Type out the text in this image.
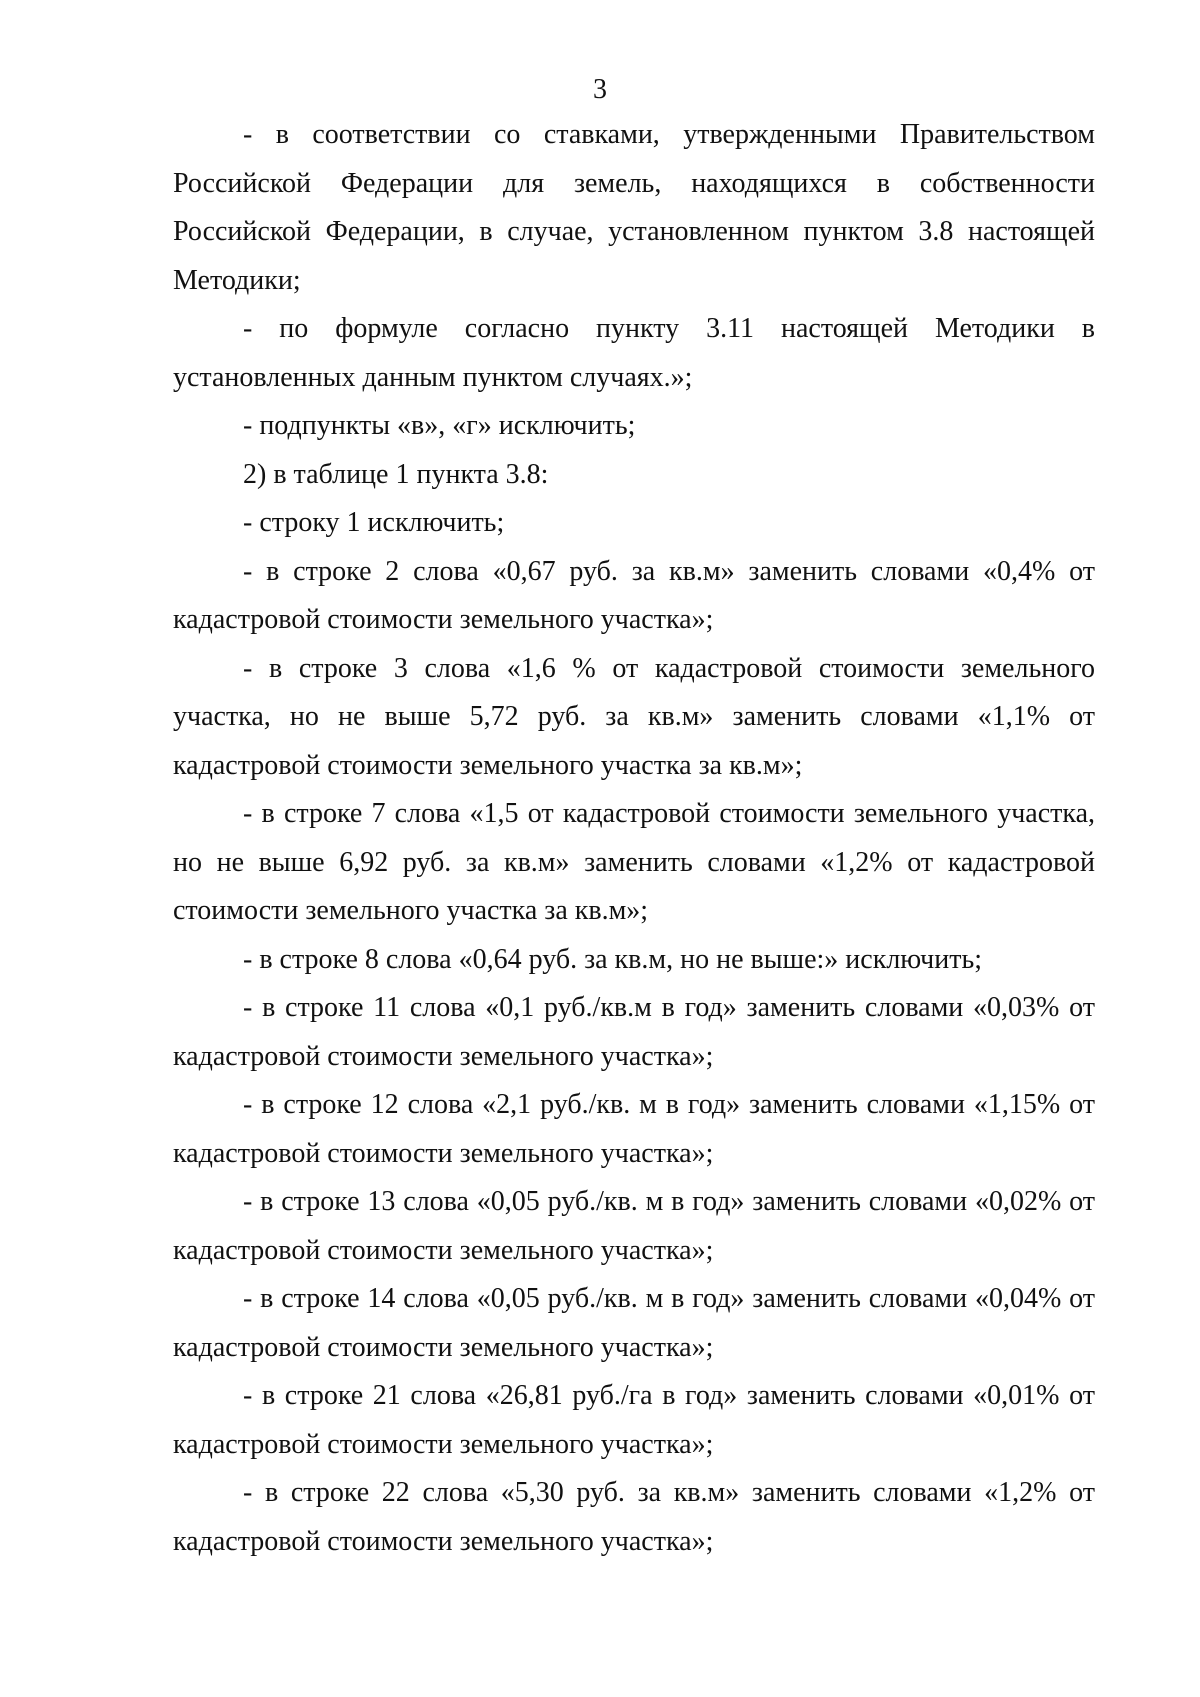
3

- в соответствии со ставками, утвержденными Правительством Российской Федерации для земель, находящихся в собственности Российской Федерации, в случае, установленном пунктом 3.8 настоящей Методики;

- по формуле согласно пункту 3.11 настоящей Методики в установленных данным пунктом случаях.»;

- подпункты «в», «г» исключить;

2) в таблице 1 пункта 3.8:

- строку 1 исключить;

- в строке 2 слова «0,67 руб. за кв.м» заменить словами «0,4% от кадастровой стоимости земельного участка»;

- в строке 3 слова «1,6 % от кадастровой стоимости земельного участка, но не выше 5,72 руб. за кв.м» заменить словами «1,1% от кадастровой стоимости земельного участка за кв.м»;

- в строке 7 слова «1,5 от кадастровой стоимости земельного участка, но не выше 6,92 руб. за кв.м» заменить словами «1,2% от кадастровой стоимости земельного участка за кв.м»;

- в строке 8 слова «0,64 руб. за кв.м, но не выше:» исключить;

- в строке 11 слова «0,1 руб./кв.м в год» заменить словами «0,03% от кадастровой стоимости земельного участка»;

- в строке 12 слова «2,1 руб./кв. м в год» заменить словами «1,15% от кадастровой стоимости земельного участка»;

- в строке 13 слова «0,05 руб./кв. м в год» заменить словами «0,02% от кадастровой стоимости земельного участка»;

- в строке 14 слова «0,05 руб./кв. м в год» заменить словами «0,04% от кадастровой стоимости земельного участка»;

- в строке 21 слова «26,81 руб./га в год» заменить словами «0,01% от кадастровой стоимости земельного участка»;

- в строке 22 слова «5,30 руб. за кв.м» заменить словами «1,2% от кадастровой стоимости земельного участка»;
